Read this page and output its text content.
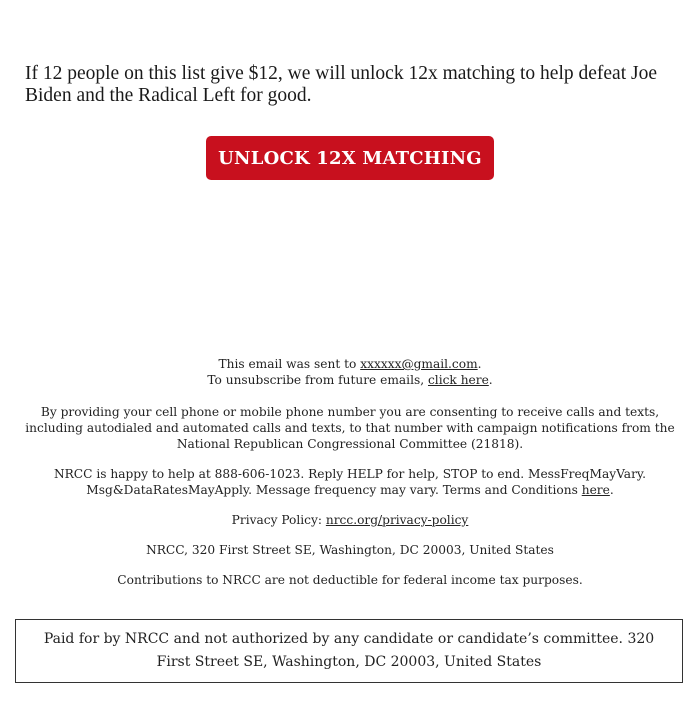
If 12 people on this list give $12, we will unlock 12x matching to help defeat Joe Biden and the Radical Left for good.

UNLOCK 12X MATCHING

This email was sent to xxxxxx@gmail.com.

To unsubscribe from future emails, click here.

By providing your cell phone or mobile phone number you are consenting to receive calls and texts, including autodialed and automated calls and texts, to that number with campaign notifications from the National Republican Congressional Committee (21818).

NRCC is happy to help at 888-606-1023. Reply HELP for help, STOP to end. MessFreqMayVary. Msg&DataRatesMayApply. Message frequency may vary. Terms and Conditions here.

Privacy Policy: nrcc.org/privacy-policy

NRCC, 320 First Street SE, Washington, DC 20003, United States

Contributions to NRCC are not deductible for federal income tax purposes.

Paid for by NRCC and not authorized by any candidate or candidate’s committee. 320 First Street SE, Washington, DC 20003, United States
